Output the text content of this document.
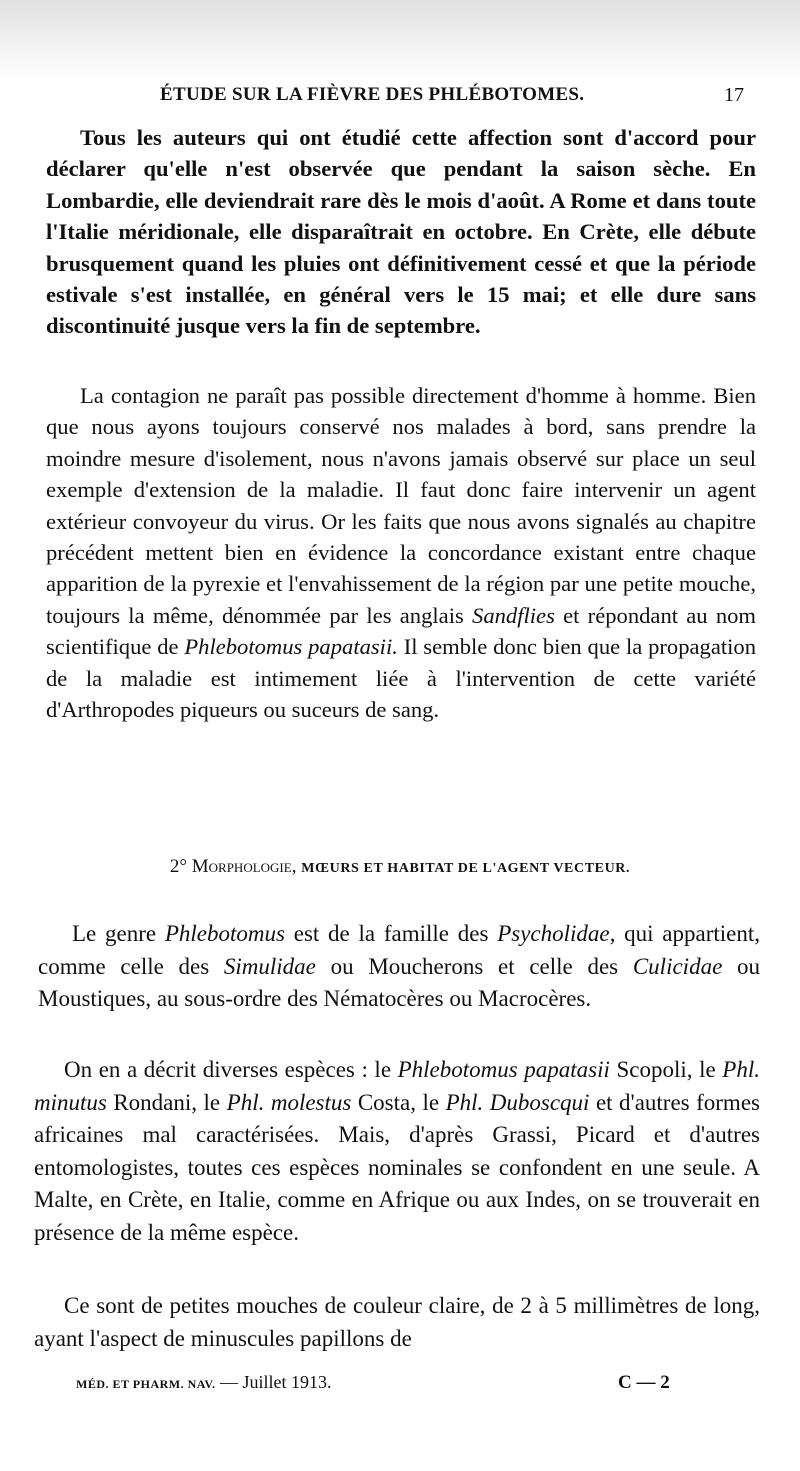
ÉTUDE SUR LA FIÈVRE DES PHLÉBOTOMES.	17

Tous les auteurs qui ont étudié cette affection sont d'accord pour déclarer qu'elle n'est observée que pendant la saison sèche. En Lombardie, elle deviendrait rare dès le mois d'août. A Rome et dans toute l'Italie méridionale, elle disparaîtrait en octobre. En Crète, elle débute brusquement quand les pluies ont définitivement cessé et que la période estivale s'est installée, en général vers le 15 mai; et elle dure sans discontinuité jusque vers la fin de septembre.

La contagion ne paraît pas possible directement d'homme à homme. Bien que nous ayons toujours conservé nos malades à bord, sans prendre la moindre mesure d'isolement, nous n'avons jamais observé sur place un seul exemple d'extension de la maladie. Il faut donc faire intervenir un agent extérieur convoyeur du virus. Or les faits que nous avons signalés au chapitre précédent mettent bien en évidence la concordance existant entre chaque apparition de la pyrexie et l'envahissement de la région par une petite mouche, toujours la même, dénommée par les anglais Sandflies et répondant au nom scientifique de Phlebotomus papatasii. Il semble donc bien que la propagation de la maladie est intimement liée à l'intervention de cette variété d'Arthropodes piqueurs ou suceurs de sang.

2° Morphologie, MŒURS ET HABITAT DE L'AGENT VECTEUR.

Le genre Phlebotomus est de la famille des Psycholidae, qui appartient, comme celle des Simulidae ou Moucherons et celle des Culicidae ou Moustiques, au sous-ordre des Nématocères ou Macrocères.

On en a décrit diverses espèces : le Phlebotomus papatasii Scopoli, le Phl. minutus Rondani, le Phl. molestus Costa, le Phl. Duboscqui et d'autres formes africaines mal caractérisées. Mais, d'après Grassi, Picard et d'autres entomologistes, toutes ces espèces nominales se confondent en une seule. A Malte, en Crète, en Italie, comme en Afrique ou aux Indes, on se trouverait en présence de la même espèce.

Ce sont de petites mouches de couleur claire, de 2 à 5 millimètres de long, ayant l'aspect de minuscules papillons de

MÉD. ET PHARM. NAV. — Juillet 1913.	C — 2
